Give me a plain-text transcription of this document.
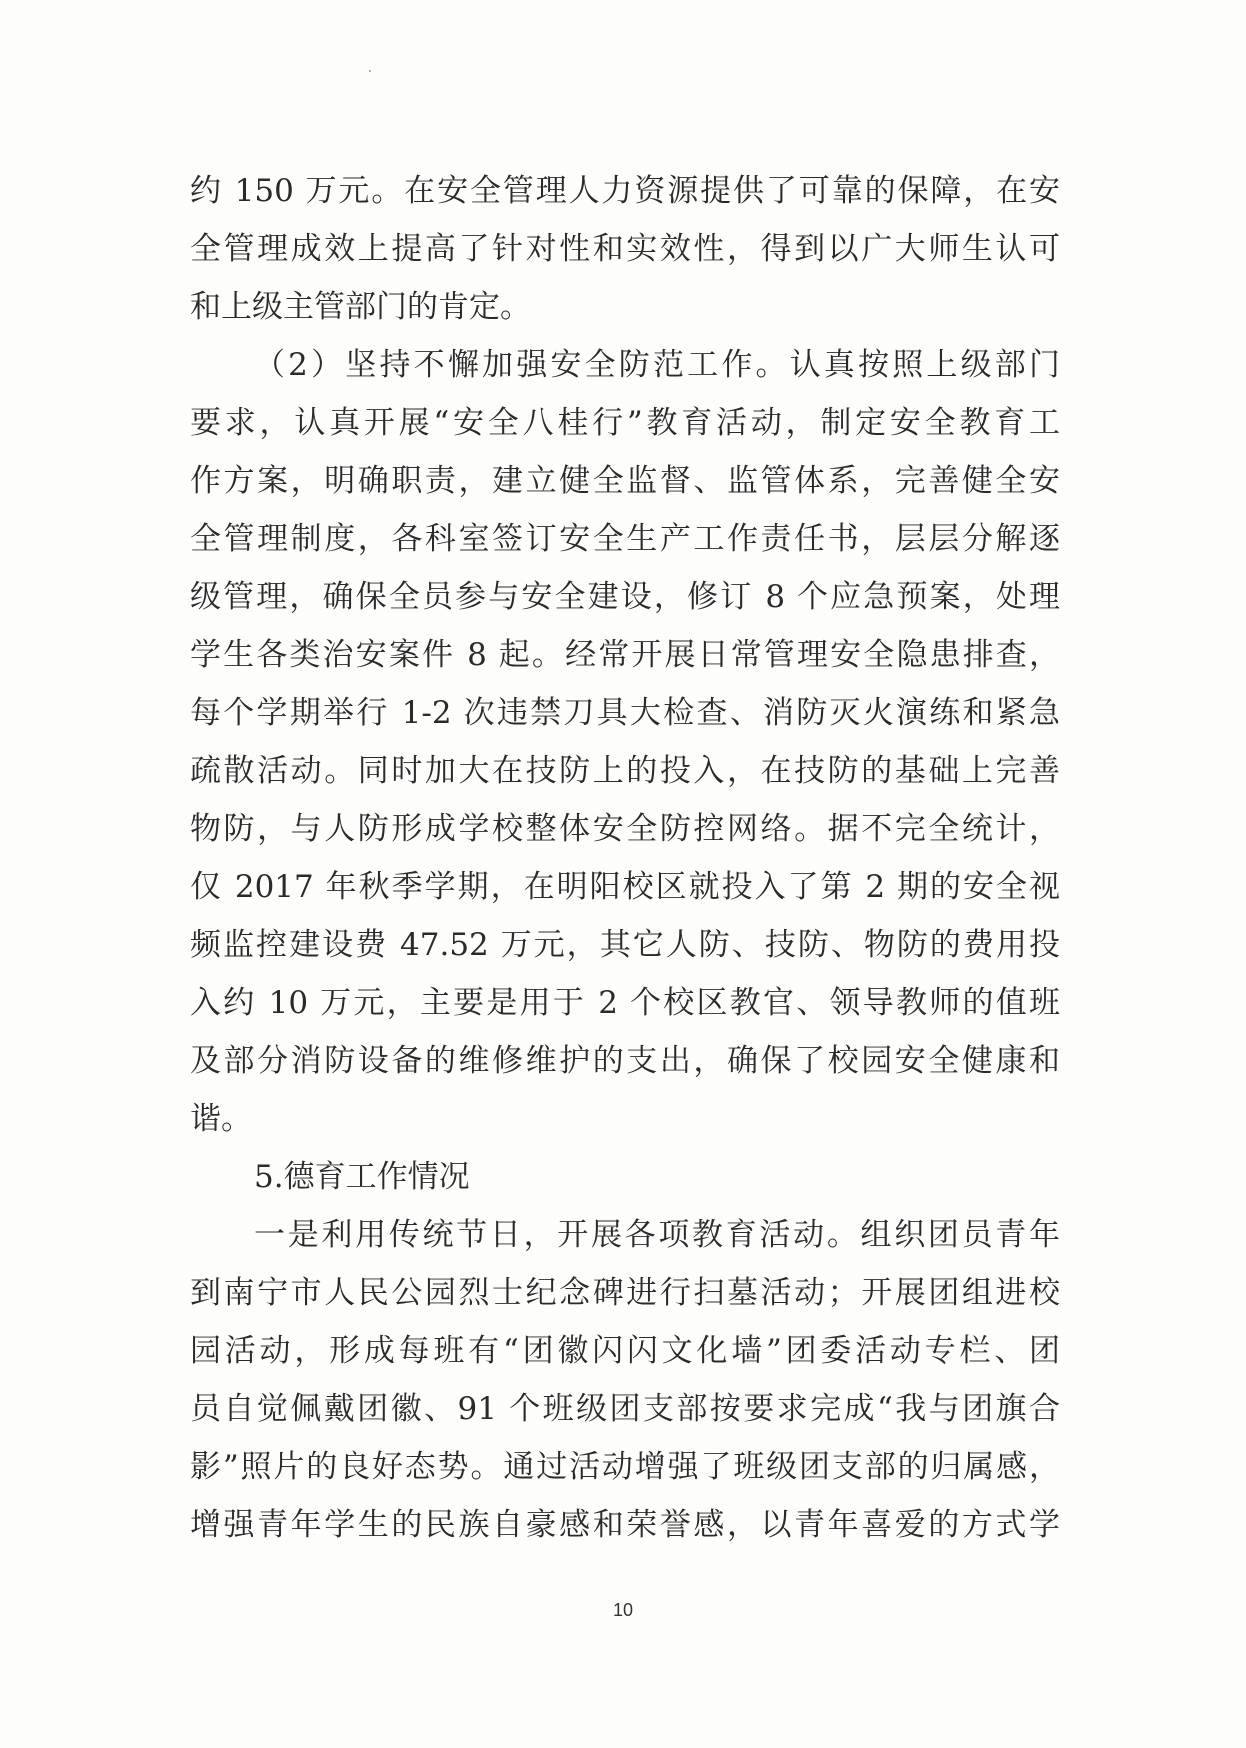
约 150 万元。在安全管理人力资源提供了可靠的保障，在安
全管理成效上提高了针对性和实效性，得到以广大师生认可
和上级主管部门的肯定。
（2）坚持不懈加强安全防范工作。认真按照上级部门
要求，认真开展“安全八桂行”教育活动，制定安全教育工
作方案，明确职责，建立健全监督、监管体系，完善健全安
全管理制度，各科室签订安全生产工作责任书，层层分解逐
级管理，确保全员参与安全建设，修订 8 个应急预案，处理
学生各类治安案件 8 起。经常开展日常管理安全隐患排查，
每个学期举行 1-2 次违禁刀具大检查、消防灭火演练和紧急
疏散活动。同时加大在技防上的投入，在技防的基础上完善
物防，与人防形成学校整体安全防控网络。据不完全统计，
仅 2017 年秋季学期，在明阳校区就投入了第 2 期的安全视
频监控建设费 47.52 万元，其它人防、技防、物防的费用投
入约 10 万元，主要是用于 2 个校区教官、领导教师的值班
及部分消防设备的维修维护的支出，确保了校园安全健康和
谐。
5.德育工作情况
一是利用传统节日，开展各项教育活动。组织团员青年
到南宁市人民公园烈士纪念碑进行扫墓活动；开展团组进校
园活动，形成每班有“团徽闪闪文化墙”团委活动专栏、团
员自觉佩戴团徽、91 个班级团支部按要求完成“我与团旗合
影”照片的良好态势。通过活动增强了班级团支部的归属感，
增强青年学生的民族自豪感和荣誉感，以青年喜爱的方式学
10
